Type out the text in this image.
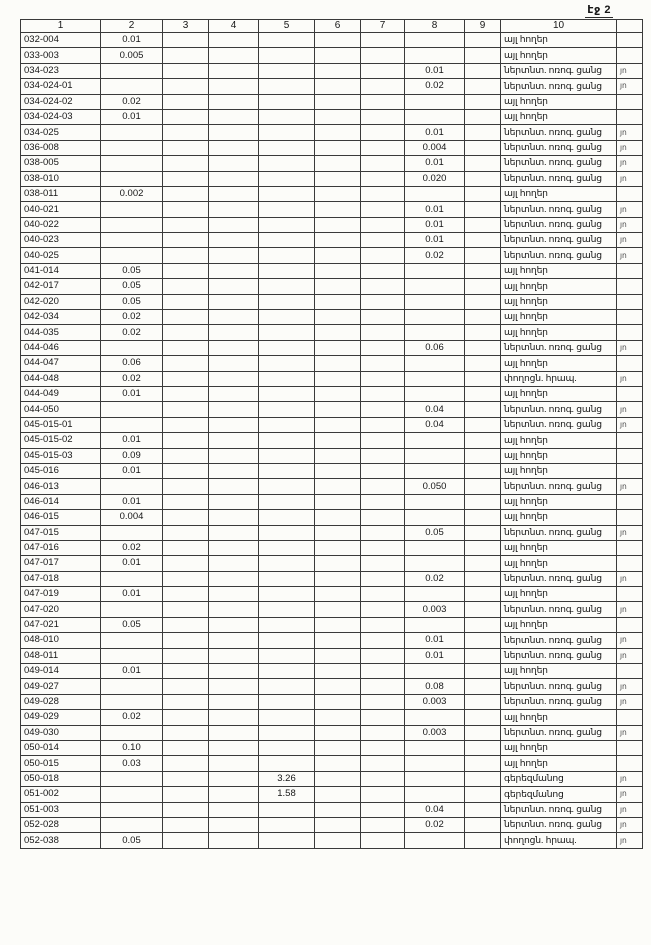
էջ 2
1	2	3	4	5	6	7	8	9	10	
032-004	0.01								այլ հողեր	
033-003	0.005								այլ հողեր	
034-023							0.01		ներտնտ. ոռոգ. ցանց	յո
034-024-01							0.02		ներտնտ. ոռոգ. ցանց	յո
034-024-02	0.02								այլ հողեր	
034-024-03	0.01								այլ հողեր	
034-025							0.01		ներտնտ. ոռոգ. ցանց	յո
036-008							0.004		ներտնտ. ոռոգ. ցանց	յո
038-005							0.01		ներտնտ. ոռոգ. ցանց	յո
038-010							0.020		ներտնտ. ոռոգ. ցանց	յո
038-011	0.002								այլ հողեր	
040-021							0.01		ներտնտ. ոռոգ. ցանց	յո
040-022							0.01		ներտնտ. ոռոգ. ցանց	յո
040-023							0.01		ներտնտ. ոռոգ. ցանց	յո
040-025							0.02		ներտնտ. ոռոգ. ցանց	յո
041-014	0.05								այլ հողեր	
042-017	0.05								այլ հողեր	
042-020	0.05								այլ հողեր	
042-034	0.02								այլ հողեր	
044-035	0.02								այլ հողեր	
044-046							0.06		ներտնտ. ոռոգ. ցանց	յո
044-047	0.06								այլ հողեր	
044-048	0.02								փողոցն. հրապ.	յո
044-049	0.01								այլ հողեր	
044-050							0.04		ներտնտ. ոռոգ. ցանց	յո
045-015-01							0.04		ներտնտ. ոռոգ. ցանց	յո
045-015-02	0.01								այլ հողեր	
045-015-03	0.09								այլ հողեր	
045-016	0.01								այլ հողեր	
046-013							0.050		ներտնտ. ոռոգ. ցանց	յո
046-014	0.01								այլ հողեր	
046-015	0.004								այլ հողեր	
047-015							0.05		ներտնտ. ոռոգ. ցանց	յո
047-016	0.02								այլ հողեր	
047-017	0.01								այլ հողեր	
047-018							0.02		ներտնտ. ոռոգ. ցանց	յո
047-019	0.01								այլ հողեր	
047-020							0.003		ներտնտ. ոռոգ. ցանց	յո
047-021	0.05								այլ հողեր	
048-010							0.01		ներտնտ. ոռոգ. ցանց	յո
048-011							0.01		ներտնտ. ոռոգ. ցանց	յո
049-014	0.01								այլ հողեր	
049-027							0.08		ներտնտ. ոռոգ. ցանց	յո
049-028							0.003		ներտնտ. ոռոգ. ցանց	յո
049-029	0.02								այլ հողեր	
049-030							0.003		ներտնտ. ոռոգ. ցանց	յո
050-014	0.10								այլ հողեր	
050-015	0.03								այլ հողեր	
050-018				3.26					գերեզմանոց	յո
051-002				1.58					գերեզմանոց	յո
051-003							0.04		ներտնտ. ոռոգ. ցանց	յո
052-028							0.02		ներտնտ. ոռոգ. ցանց	յո
052-038	0.05								փողոցն. հրապ.	յո
